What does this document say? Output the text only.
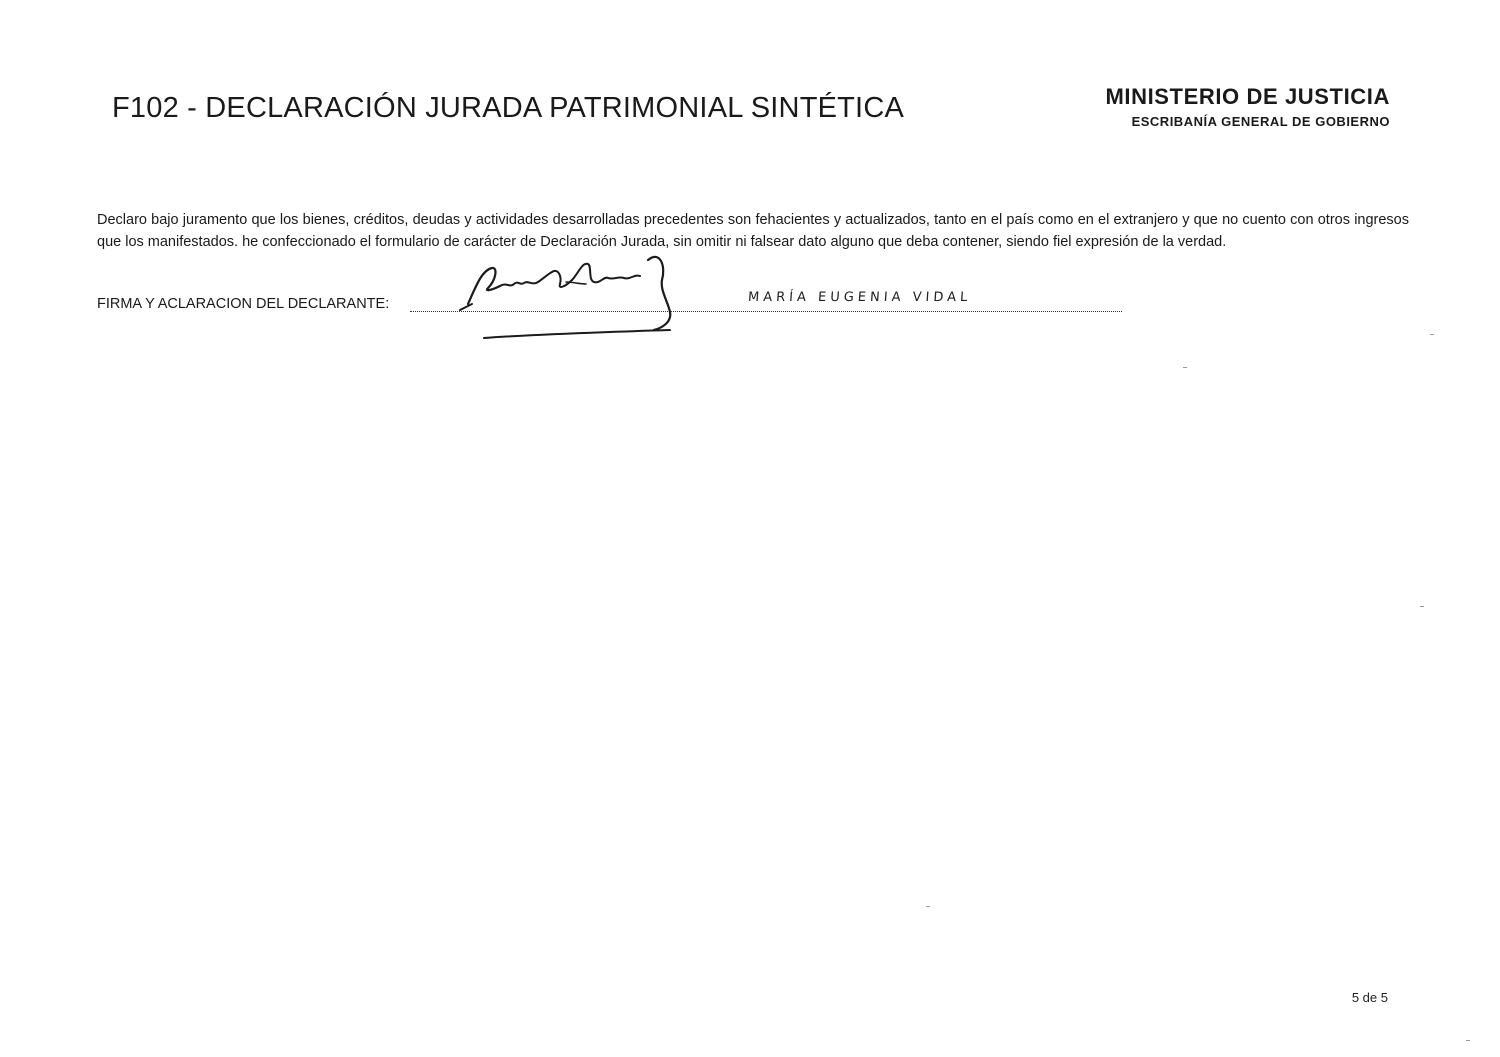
F102 - DECLARACIÓN JURADA PATRIMONIAL SINTÉTICA	MINISTERIO DE JUSTICIA
ESCRIBANÍA GENERAL DE GOBIERNO
Declaro bajo juramento que los bienes, créditos, deudas y actividades desarrolladas precedentes son fehacientes y actualizados, tanto en el país como en el extranjero y que no cuento con otros ingresos que los manifestados. he confeccionado el formulario de carácter de Declaración Jurada, sin omitir ni falsear dato alguno que deba contener, siendo fiel expresión de la verdad.
FIRMA Y ACLARACION DEL DECLARANTE:	MARÍA EUGENIA VIDAL
5 de 5
